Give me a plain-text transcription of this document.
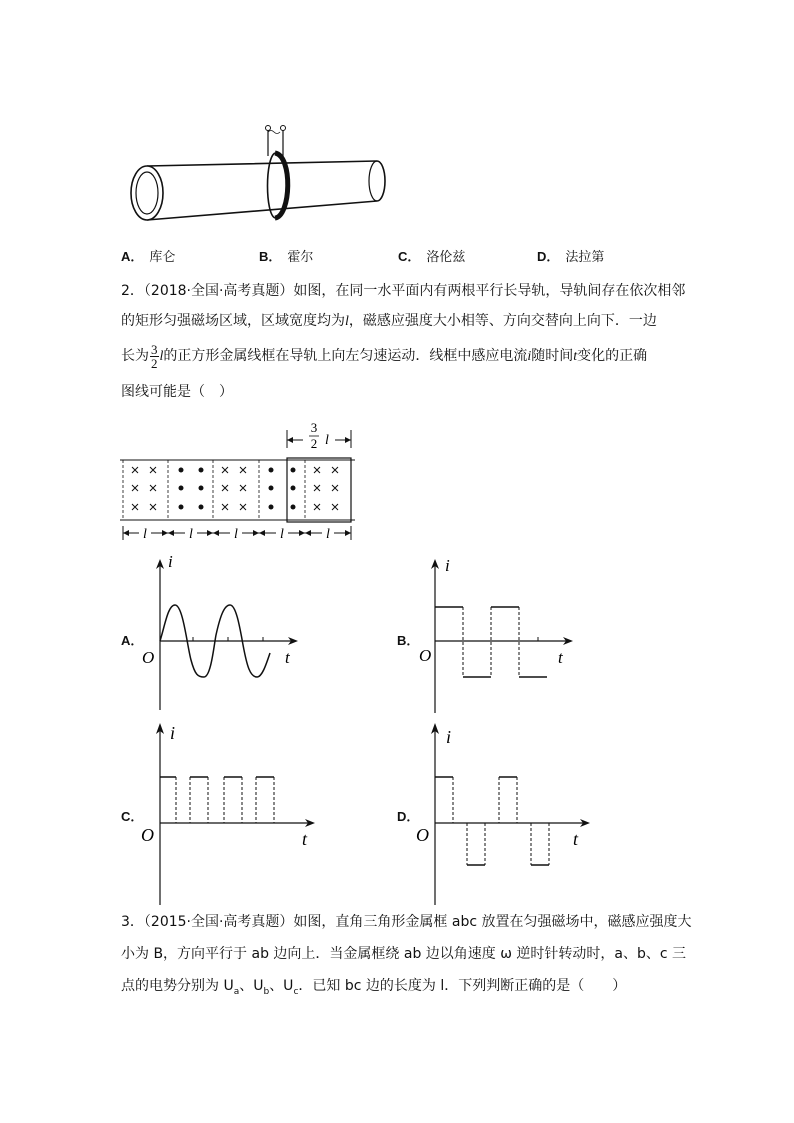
A． 库仑	B． 霍尔	C． 洛伦兹	D． 法拉第
2．（2018·全国·高考真题）如图，在同一水平面内有两根平行长导轨，导轨间存在依次相邻
的矩形匀强磁场区域，区域宽度均为l，磁感应强度大小相等、方向交替向上向下．一边
长为 $\frac{3}{2}$ l的正方形金属线框在导轨上向左匀速运动．线框中感应电流i随时间t变化的正确
图线可能是（　）
3
2 l
l	l	l	l	l
A．
i
t
O
B．
i
t
O
C．
i
t
O
D．
i
t
O
3．（2015·全国·高考真题）如图，直角三角形金属框 abc 放置在匀强磁场中，磁感应强度大
小为 B，方向平行于 ab 边向上．当金属框绕 ab 边以角速度 ω 逆时针转动时，a、b、c 三
点的电势分别为 $U_a$、$U_b$、$U_c$．已知 bc 边的长度为 l．下列判断正确的是（　　）
